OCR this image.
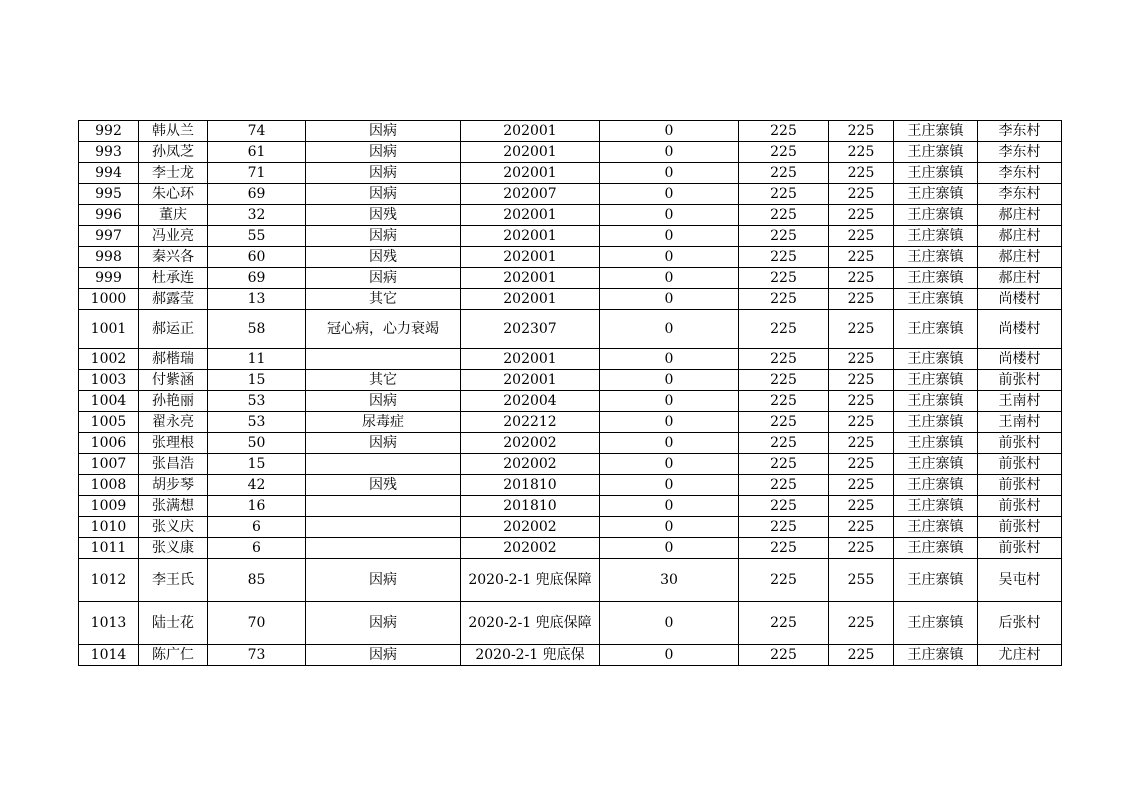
992	韩从兰	74	因病	202001	0	225	225	王庄寨镇	李东村
993	孙凤芝	61	因病	202001	0	225	225	王庄寨镇	李东村
994	李士龙	71	因病	202001	0	225	225	王庄寨镇	李东村
995	朱心环	69	因病	202007	0	225	225	王庄寨镇	李东村
996	董庆	32	因残	202001	0	225	225	王庄寨镇	郝庄村
997	冯业亮	55	因病	202001	0	225	225	王庄寨镇	郝庄村
998	秦兴各	60	因残	202001	0	225	225	王庄寨镇	郝庄村
999	杜承连	69	因病	202001	0	225	225	王庄寨镇	郝庄村
1000	郝露莹	13	其它	202001	0	225	225	王庄寨镇	尚楼村
1001	郝运正	58	冠心病，心力衰竭	202307	0	225	225	王庄寨镇	尚楼村
1002	郝楷瑞	11		202001	0	225	225	王庄寨镇	尚楼村
1003	付紫涵	15	其它	202001	0	225	225	王庄寨镇	前张村
1004	孙艳丽	53	因病	202004	0	225	225	王庄寨镇	王南村
1005	翟永亮	53	尿毒症	202212	0	225	225	王庄寨镇	王南村
1006	张理根	50	因病	202002	0	225	225	王庄寨镇	前张村
1007	张昌浩	15		202002	0	225	225	王庄寨镇	前张村
1008	胡步琴	42	因残	201810	0	225	225	王庄寨镇	前张村
1009	张满想	16		201810	0	225	225	王庄寨镇	前张村
1010	张义庆	6		202002	0	225	225	王庄寨镇	前张村
1011	张义康	6		202002	0	225	225	王庄寨镇	前张村
1012	李王氏	85	因病	2020-2-1 兜底保障	30	225	255	王庄寨镇	吴屯村
1013	陆士花	70	因病	2020-2-1 兜底保障	0	225	225	王庄寨镇	后张村
1014	陈广仁	73	因病	2020-2-1 兜底保	0	225	225	王庄寨镇	尤庄村
